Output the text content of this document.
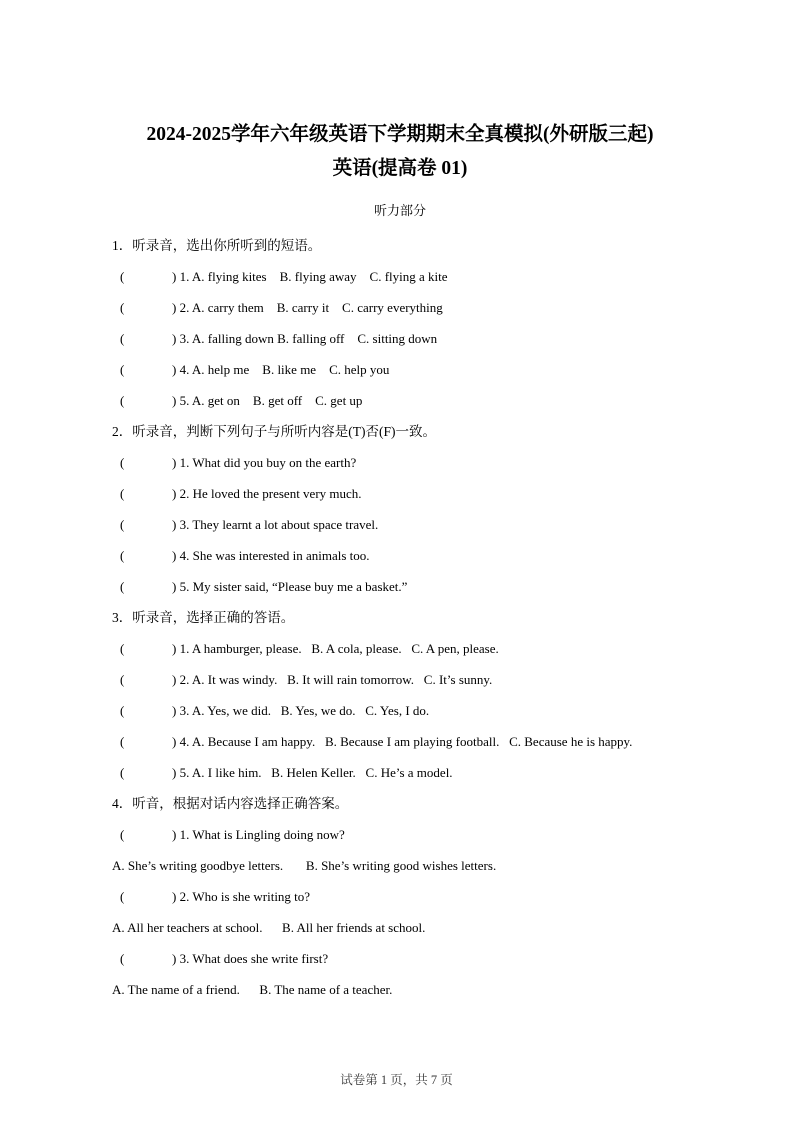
2024-2025学年六年级英语下学期期末全真模拟(外研版三起)
英语(提高卷 01)
听力部分
1．听录音，选出你所听到的短语。
(	) 1. A. flying kites    B. flying away    C. flying a kite
(	) 2. A. carry them    B. carry it    C. carry everything
(	) 3. A. falling down B. falling off    C. sitting down
(	) 4. A. help me    B. like me    C. help you
(	) 5. A. get on    B. get off    C. get up
2．听录音，判断下列句子与所听内容是(T)否(F)一致。
(	) 1. What did you buy on the earth?
(	) 2. He loved the present very much.
(	) 3. They learnt a lot about space travel.
(	) 4. She was interested in animals too.
(	) 5. My sister said, “Please buy me a basket.”
3．听录音，选择正确的答语。
(	) 1. A hamburger, please.   B. A cola, please.   C. A pen, please.
(	) 2. A. It was windy.   B. It will rain tomorrow.   C. It’s sunny.
(	) 3. A. Yes, we did.   B. Yes, we do.   C. Yes, I do.
(	) 4. A. Because I am happy.   B. Because I am playing football.   C. Because he is happy.
(	) 5. A. I like him.   B. Helen Keller.   C. He’s a model.
4．听音，根据对话内容选择正确答案。
(	) 1. What is Lingling doing now?
A. She’s writing goodbye letters.       B. She’s writing good wishes letters.
(	) 2. Who is she writing to?
A. All her teachers at school.      B. All her friends at school.
(	) 3. What does she write first?
A. The name of a friend.      B. The name of a teacher.
试卷第 1 页，共 7 页
